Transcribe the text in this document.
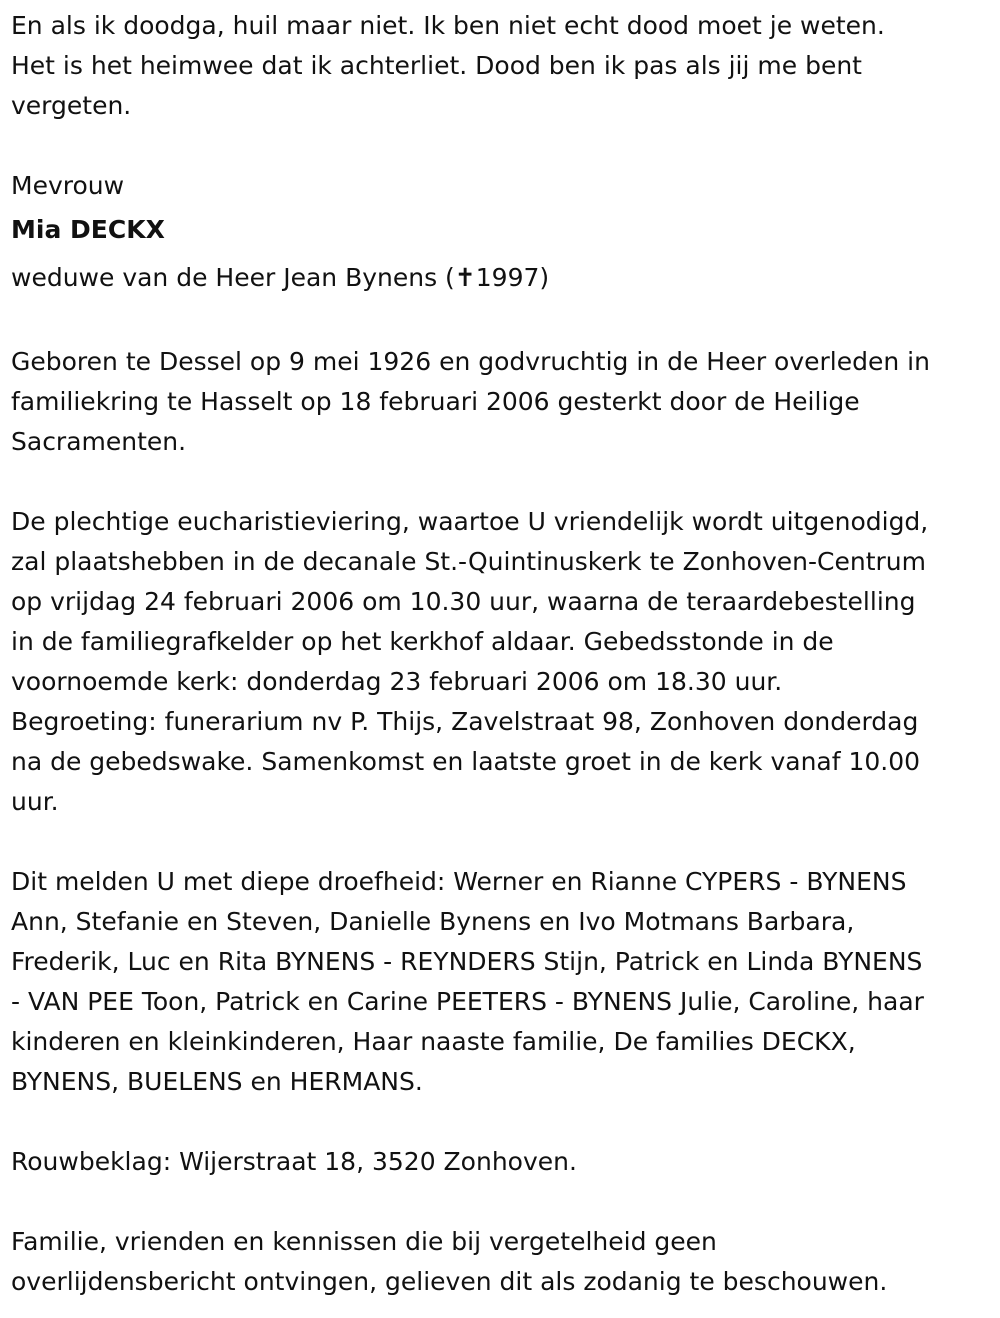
En als ik doodga, huil maar niet. Ik ben niet echt dood moet je weten.
Het is het heimwee dat ik achterliet. Dood ben ik pas als jij me bent
vergeten.

Mevrouw

Mia DECKX

weduwe van de Heer Jean Bynens (✝1997)

Geboren te Dessel op 9 mei 1926 en godvruchtig in de Heer overleden in
familiekring te Hasselt op 18 februari 2006 gesterkt door de Heilige
Sacramenten.

De plechtige eucharistieviering, waartoe U vriendelijk wordt uitgenodigd,
zal plaatshebben in de decanale St.-Quintinuskerk te Zonhoven-Centrum
op vrijdag 24 februari 2006 om 10.30 uur, waarna de teraardebestelling
in de familiegrafkelder op het kerkhof aldaar. Gebedsstonde in de
voornoemde kerk: donderdag 23 februari 2006 om 18.30 uur.
Begroeting: funerarium nv P. Thijs, Zavelstraat 98, Zonhoven donderdag
na de gebedswake. Samenkomst en laatste groet in de kerk vanaf 10.00
uur.

Dit melden U met diepe droefheid: Werner en Rianne CYPERS - BYNENS
Ann, Stefanie en Steven, Danielle Bynens en Ivo Motmans Barbara,
Frederik, Luc en Rita BYNENS - REYNDERS Stijn, Patrick en Linda BYNENS
- VAN PEE Toon, Patrick en Carine PEETERS - BYNENS Julie, Caroline, haar
kinderen en kleinkinderen, Haar naaste familie, De families DECKX,
BYNENS, BUELENS en HERMANS.

Rouwbeklag: Wijerstraat 18, 3520 Zonhoven.

Familie, vrienden en kennissen die bij vergetelheid geen
overlijdensbericht ontvingen, gelieven dit als zodanig te beschouwen.
